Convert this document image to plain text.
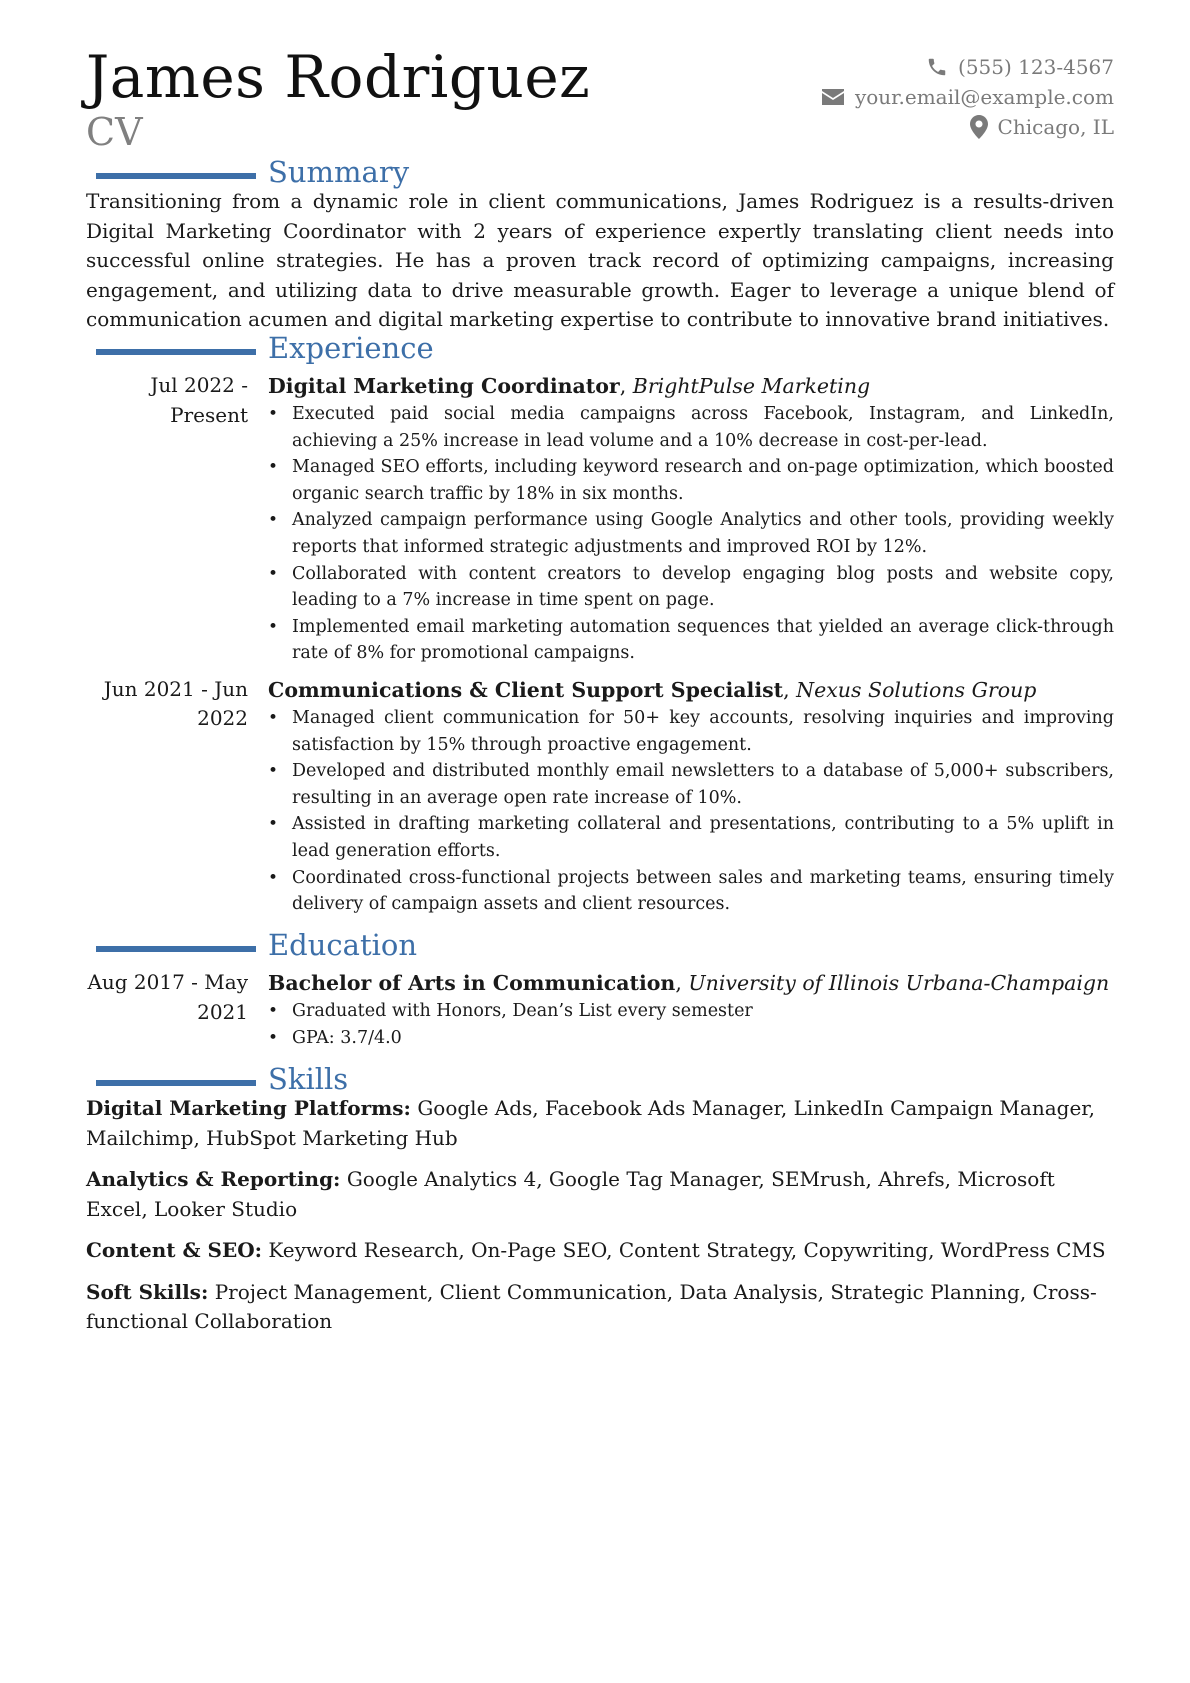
James Rodriguez
CV
(555) 123-4567
your.email@example.com
Chicago, IL
Summary

Transitioning from a dynamic role in client communications, James Rodriguez is a results-driven Digital Marketing Coordinator with 2 years of experience expertly translating client needs into successful online strategies. He has a proven track record of optimizing campaigns, increasing engagement, and utilizing data to drive measurable growth. Eager to leverage a unique blend of communication acumen and digital marketing expertise to contribute to innovative brand initiatives.

Experience
Jul 2022 - Present
Digital Marketing Coordinator, BrightPulse Marketing
• Executed paid social media campaigns across Facebook, Instagram, and LinkedIn, achieving a 25% increase in lead volume and a 10% decrease in cost-per-lead.
• Managed SEO efforts, including keyword research and on-page optimization, which boosted organic search traffic by 18% in six months.
• Analyzed campaign performance using Google Analytics and other tools, providing weekly reports that informed strategic adjustments and improved ROI by 12%.
• Collaborated with content creators to develop engaging blog posts and website copy, leading to a 7% increase in time spent on page.
• Implemented email marketing automation sequences that yielded an average click-through rate of 8% for promotional campaigns.
Jun 2021 - Jun 2022
Communications & Client Support Specialist, Nexus Solutions Group
• Managed client communication for 50+ key accounts, resolving inquiries and improving satisfaction by 15% through proactive engagement.
• Developed and distributed monthly email newsletters to a database of 5,000+ subscribers, resulting in an average open rate increase of 10%.
• Assisted in drafting marketing collateral and presentations, contributing to a 5% uplift in lead generation efforts.
• Coordinated cross-functional projects between sales and marketing teams, ensuring timely delivery of campaign assets and client resources.
Education
Aug 2017 - May 2021
Bachelor of Arts in Communication, University of Illinois Urbana-Champaign
• Graduated with Honors, Dean’s List every semester
• GPA: 3.7/4.0
Skills

Digital Marketing Platforms: Google Ads, Facebook Ads Manager, LinkedIn Campaign Manager, Mailchimp, HubSpot Marketing Hub

Analytics & Reporting: Google Analytics 4, Google Tag Manager, SEMrush, Ahrefs, Microsoft Excel, Looker Studio

Content & SEO: Keyword Research, On-Page SEO, Content Strategy, Copywriting, WordPress CMS

Soft Skills: Project Management, Client Communication, Data Analysis, Strategic Planning, Cross-functional Collaboration
